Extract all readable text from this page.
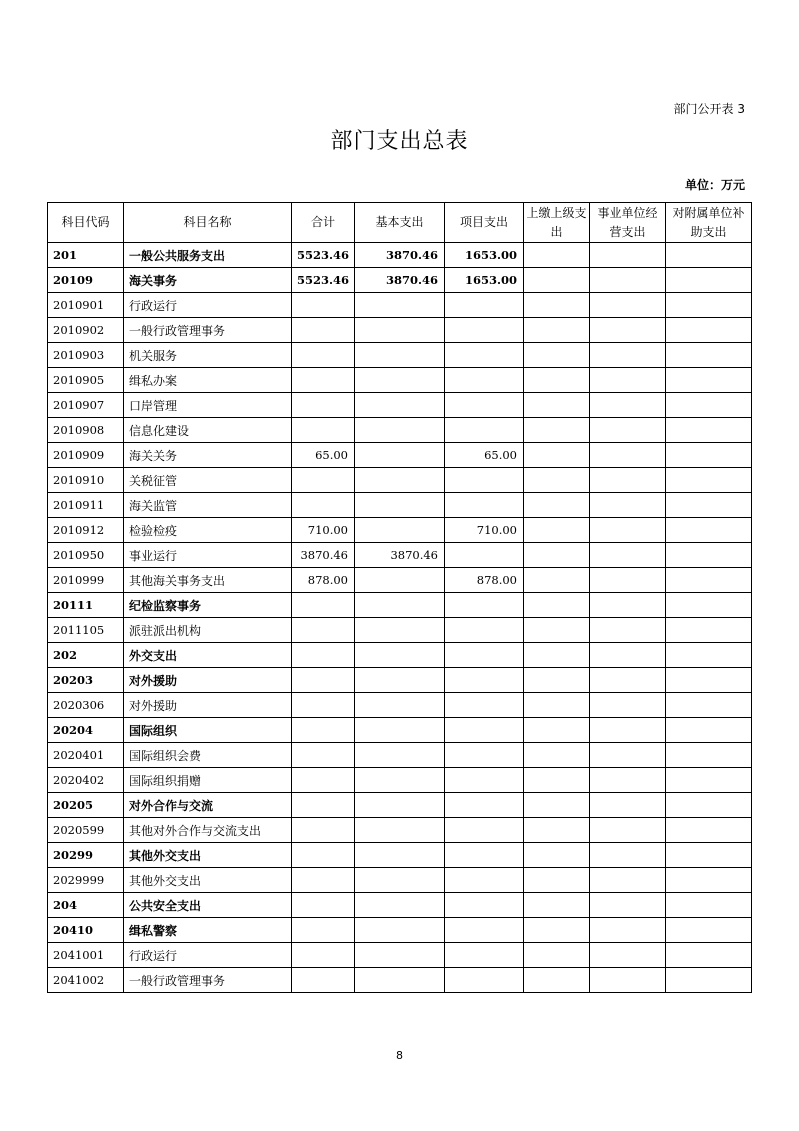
部门公开表 3
部门支出总表
单位：万元
科目代码	科目名称	合计	基本支出	项目支出	上缴上级支出	事业单位经营支出	对附属单位补助支出
201	一般公共服务支出	5523.46	3870.46	1653.00			
20109	海关事务	5523.46	3870.46	1653.00			
2010901	行政运行						
2010902	一般行政管理事务						
2010903	机关服务						
2010905	缉私办案						
2010907	口岸管理						
2010908	信息化建设						
2010909	海关关务	65.00		65.00			
2010910	关税征管						
2010911	海关监管						
2010912	检验检疫	710.00		710.00			
2010950	事业运行	3870.46	3870.46				
2010999	其他海关事务支出	878.00		878.00			
20111	纪检监察事务						
2011105	派驻派出机构						
202	外交支出						
20203	对外援助						
2020306	对外援助						
20204	国际组织						
2020401	国际组织会费						
2020402	国际组织捐赠						
20205	对外合作与交流						
2020599	其他对外合作与交流支出						
20299	其他外交支出						
2029999	其他外交支出						
204	公共安全支出						
20410	缉私警察						
2041001	行政运行						
2041002	一般行政管理事务						
8
